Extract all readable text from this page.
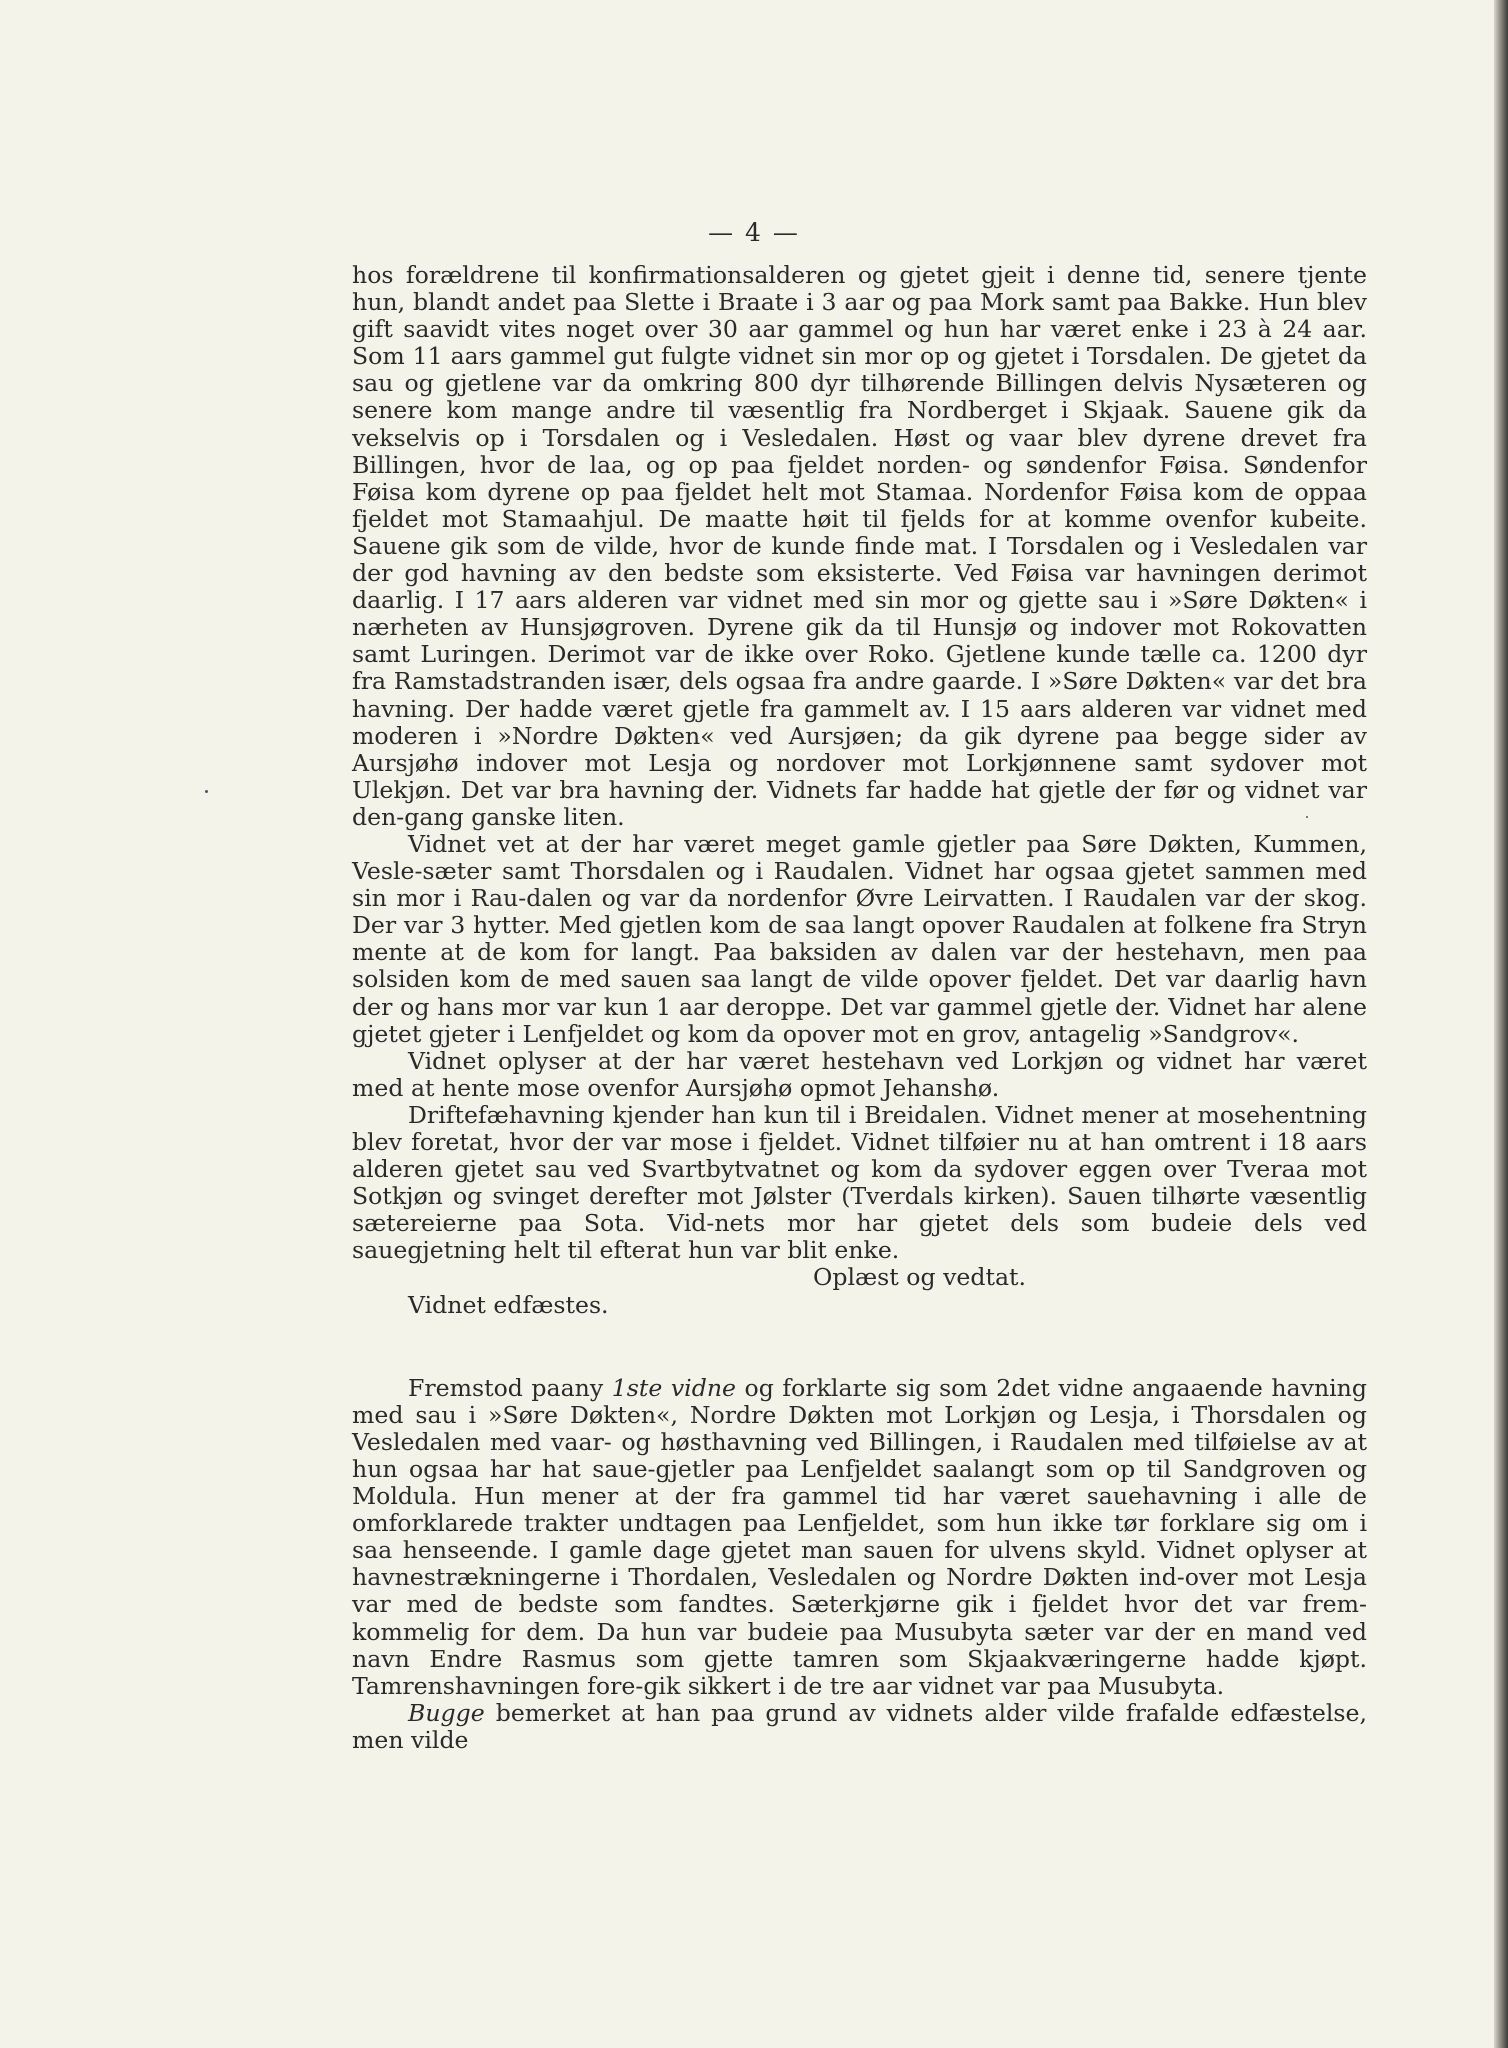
— 4 —

hos forældrene til konfirmationsalderen og gjetet gjeit i denne tid, senere tjente hun, blandt andet paa Slette i Braate i 3 aar og paa Mork samt paa Bakke. Hun blev gift saavidt vites noget over 30 aar gammel og hun har været enke i 23 à 24 aar. Som 11 aars gammel gut fulgte vidnet sin mor op og gjetet i Torsdalen. De gjetet da sau og gjetlene var da omkring 800 dyr tilhørende Billingen delvis Nysæteren og senere kom mange andre til væsentlig fra Nordberget i Skjaak. Sauene gik da vekselvis op i Torsdalen og i Vesledalen. Høst og vaar blev dyrene drevet fra Billingen, hvor de laa, og op paa fjeldet norden- og søndenfor Føisa. Søndenfor Føisa kom dyrene op paa fjeldet helt mot Stamaa. Nordenfor Føisa kom de oppaa fjeldet mot Stamaahjul. De maatte høit til fjelds for at komme ovenfor kubeite. Sauene gik som de vilde, hvor de kunde finde mat. I Torsdalen og i Vesledalen var der god havning av den bedste som eksisterte. Ved Føisa var havningen derimot daarlig. I 17 aars alderen var vidnet med sin mor og gjette sau i »Søre Døkten« i nærheten av Hunsjøgroven. Dyrene gik da til Hunsjø og indover mot Rokovatten samt Luringen. Derimot var de ikke over Roko. Gjetlene kunde tælle ca. 1200 dyr fra Ramstadstranden især, dels ogsaa fra andre gaarde. I »Søre Døkten« var det bra havning. Der hadde været gjetle fra gammelt av. I 15 aars alderen var vidnet med moderen i »Nordre Døkten« ved Aursjøen; da gik dyrene paa begge sider av Aursjøhø indover mot Lesja og nordover mot Lorkjønnene samt sydover mot Ulekjøn. Det var bra havning der. Vidnets far hadde hat gjetle der før og vidnet var den-gang ganske liten.

Vidnet vet at der har været meget gamle gjetler paa Søre Døkten, Kummen, Vesle-sæter samt Thorsdalen og i Raudalen. Vidnet har ogsaa gjetet sammen med sin mor i Rau-dalen og var da nordenfor Øvre Leirvatten. I Raudalen var der skog. Der var 3 hytter. Med gjetlen kom de saa langt opover Raudalen at folkene fra Stryn mente at de kom for langt. Paa baksiden av dalen var der hestehavn, men paa solsiden kom de med sauen saa langt de vilde opover fjeldet. Det var daarlig havn der og hans mor var kun 1 aar deroppe. Det var gammel gjetle der. Vidnet har alene gjetet gjeter i Lenfjeldet og kom da opover mot en grov, antagelig »Sandgrov«.

Vidnet oplyser at der har været hestehavn ved Lorkjøn og vidnet har været med at hente mose ovenfor Aursjøhø opmot Jehanshø.

Driftefæhavning kjender han kun til i Breidalen. Vidnet mener at mosehentning blev foretat, hvor der var mose i fjeldet. Vidnet tilføier nu at han omtrent i 18 aars alderen gjetet sau ved Svartbytvatnet og kom da sydover eggen over Tveraa mot Sotkjøn og svinget derefter mot Jølster (Tverdals kirken). Sauen tilhørte væsentlig sætereierne paa Sota. Vid-nets mor har gjetet dels som budeie dels ved sauegjetning helt til efterat hun var blit enke.

Oplæst og vedtat.

Vidnet edfæstes.

Fremstod paany 1ste vidne og forklarte sig som 2det vidne angaaende havning med sau i »Søre Døkten«, Nordre Døkten mot Lorkjøn og Lesja, i Thorsdalen og Vesledalen med vaar- og høsthavning ved Billingen, i Raudalen med tilføielse av at hun ogsaa har hat saue-gjetler paa Lenfjeldet saalangt som op til Sandgroven og Moldula. Hun mener at der fra gammel tid har været sauehavning i alle de omforklarede trakter undtagen paa Lenfjeldet, som hun ikke tør forklare sig om i saa henseende. I gamle dage gjetet man sauen for ulvens skyld. Vidnet oplyser at havnestrækningerne i Thordalen, Vesledalen og Nordre Døkten ind-over mot Lesja var med de bedste som fandtes. Sæterkjørne gik i fjeldet hvor det var frem-kommelig for dem. Da hun var budeie paa Musubyta sæter var der en mand ved navn Endre Rasmus som gjette tamren som Skjaakværingerne hadde kjøpt. Tamrenshavningen fore-gik sikkert i de tre aar vidnet var paa Musubyta.

Bugge bemerket at han paa grund av vidnets alder vilde frafalde edfæstelse, men vilde
